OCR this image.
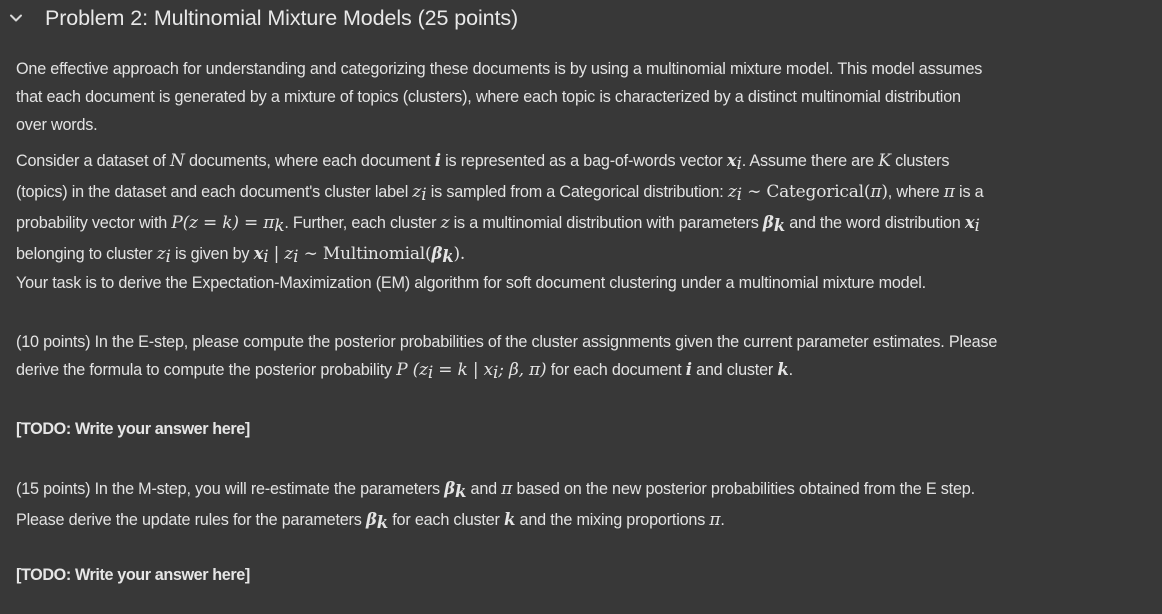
Problem 2: Multinomial Mixture Models (25 points)
One effective approach for understanding and categorizing these documents is by using a multinomial mixture model. This model assumes
that each document is generated by a mixture of topics (clusters), where each topic is characterized by a distinct multinomial distribution
over words.
Consider a dataset of N documents, where each document i is represented as a bag-of-words vector $x_i$. Assume there are K clusters
(topics) in the dataset and each document's cluster label $z_i$ is sampled from a Categorical distribution: $z_i$ ∼ Categorical(π), where π is a
probability vector with $P(z = k) = \pi_k$. Further, each cluster z is a multinomial distribution with parameters $\beta_k$ and the word distribution $x_i$
belonging to cluster $z_i$ is given by $x_i$ | $z_i$ ∼ $Multinomial(\beta_k)$.
Your task is to derive the Expectation-Maximization (EM) algorithm for soft document clustering under a multinomial mixture model.
(10 points) In the E-step, please compute the posterior probabilities of the cluster assignments given the current parameter estimates. Please
derive the formula to compute the posterior probability P ($z_i = k$ | $x_i$; β, π) for each document i and cluster k.
[TODO: Write your answer here]
(15 points) In the M-step, you will re-estimate the parameters $\beta_k$ and π based on the new posterior probabilities obtained from the E step.
Please derive the update rules for the parameters $\beta_k$ for each cluster k and the mixing proportions π.
[TODO: Write your answer here]
